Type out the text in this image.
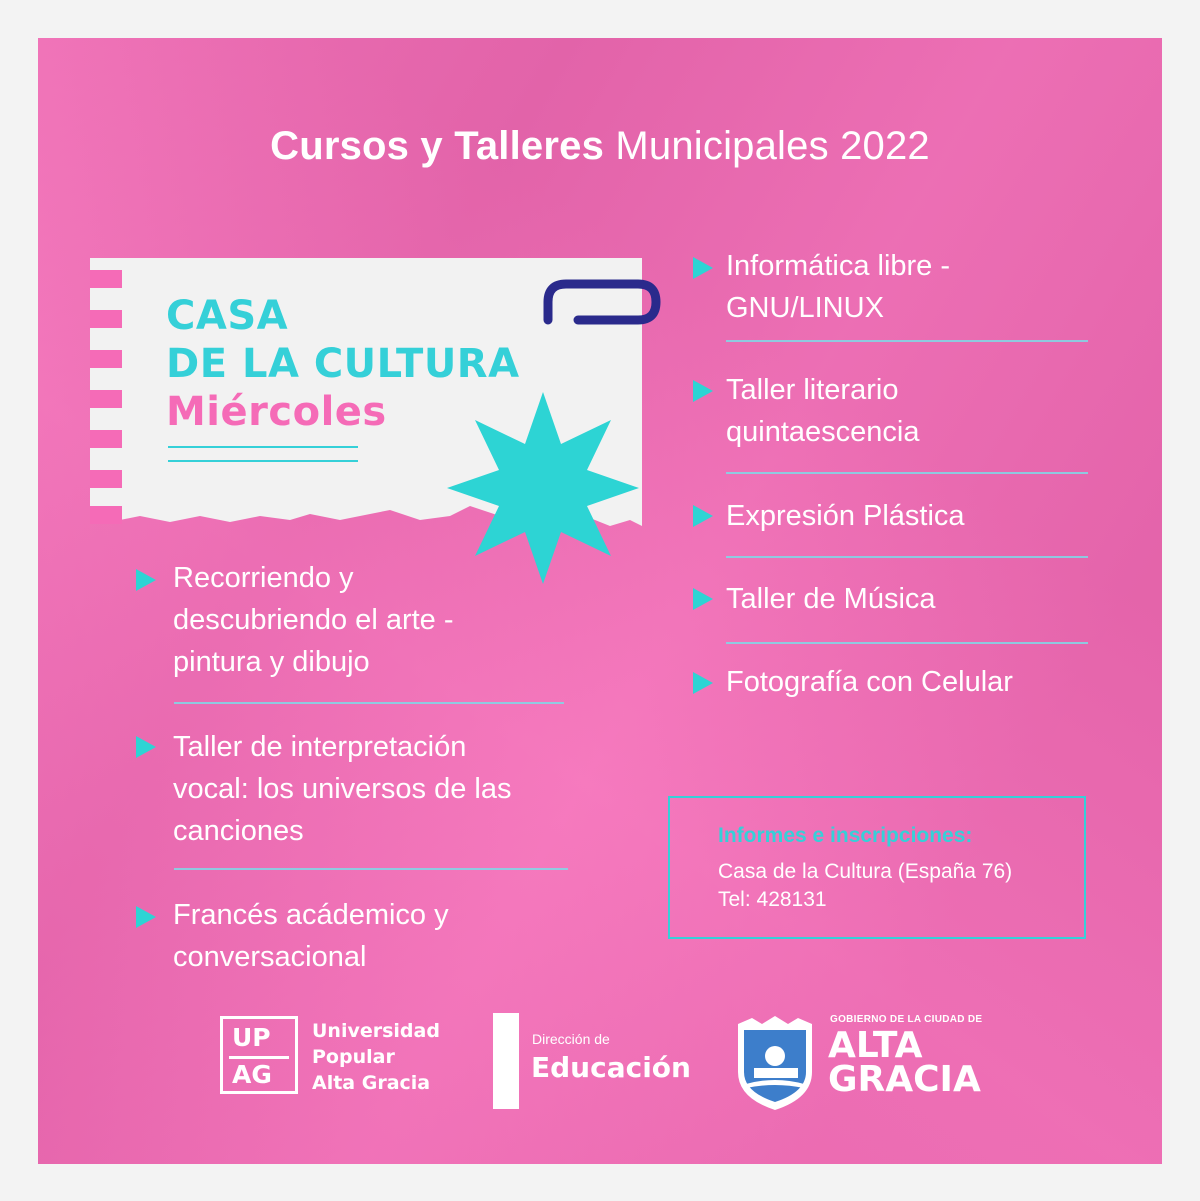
Cursos y Talleres Municipales 2022
CASA
DE LA CULTURA
Miércoles
Recorriendo y
descubriendo el arte -
pintura y dibujo
Taller de interpretación
vocal: los universos de las
canciones
Francés acádemico y
conversacional
Informática libre -
GNU/LINUX
Taller literario
quintaescencia
Expresión Plástica
Taller de Música
Fotografía con Celular
Informes e inscripciones:
Casa de la Cultura (España 76)
Tel: 428131
UP
AG
Universidad
Popular
Alta Gracia
Dirección de
Educación
GOBIERNO DE LA CIUDAD DE
ALTA
GRACIA
